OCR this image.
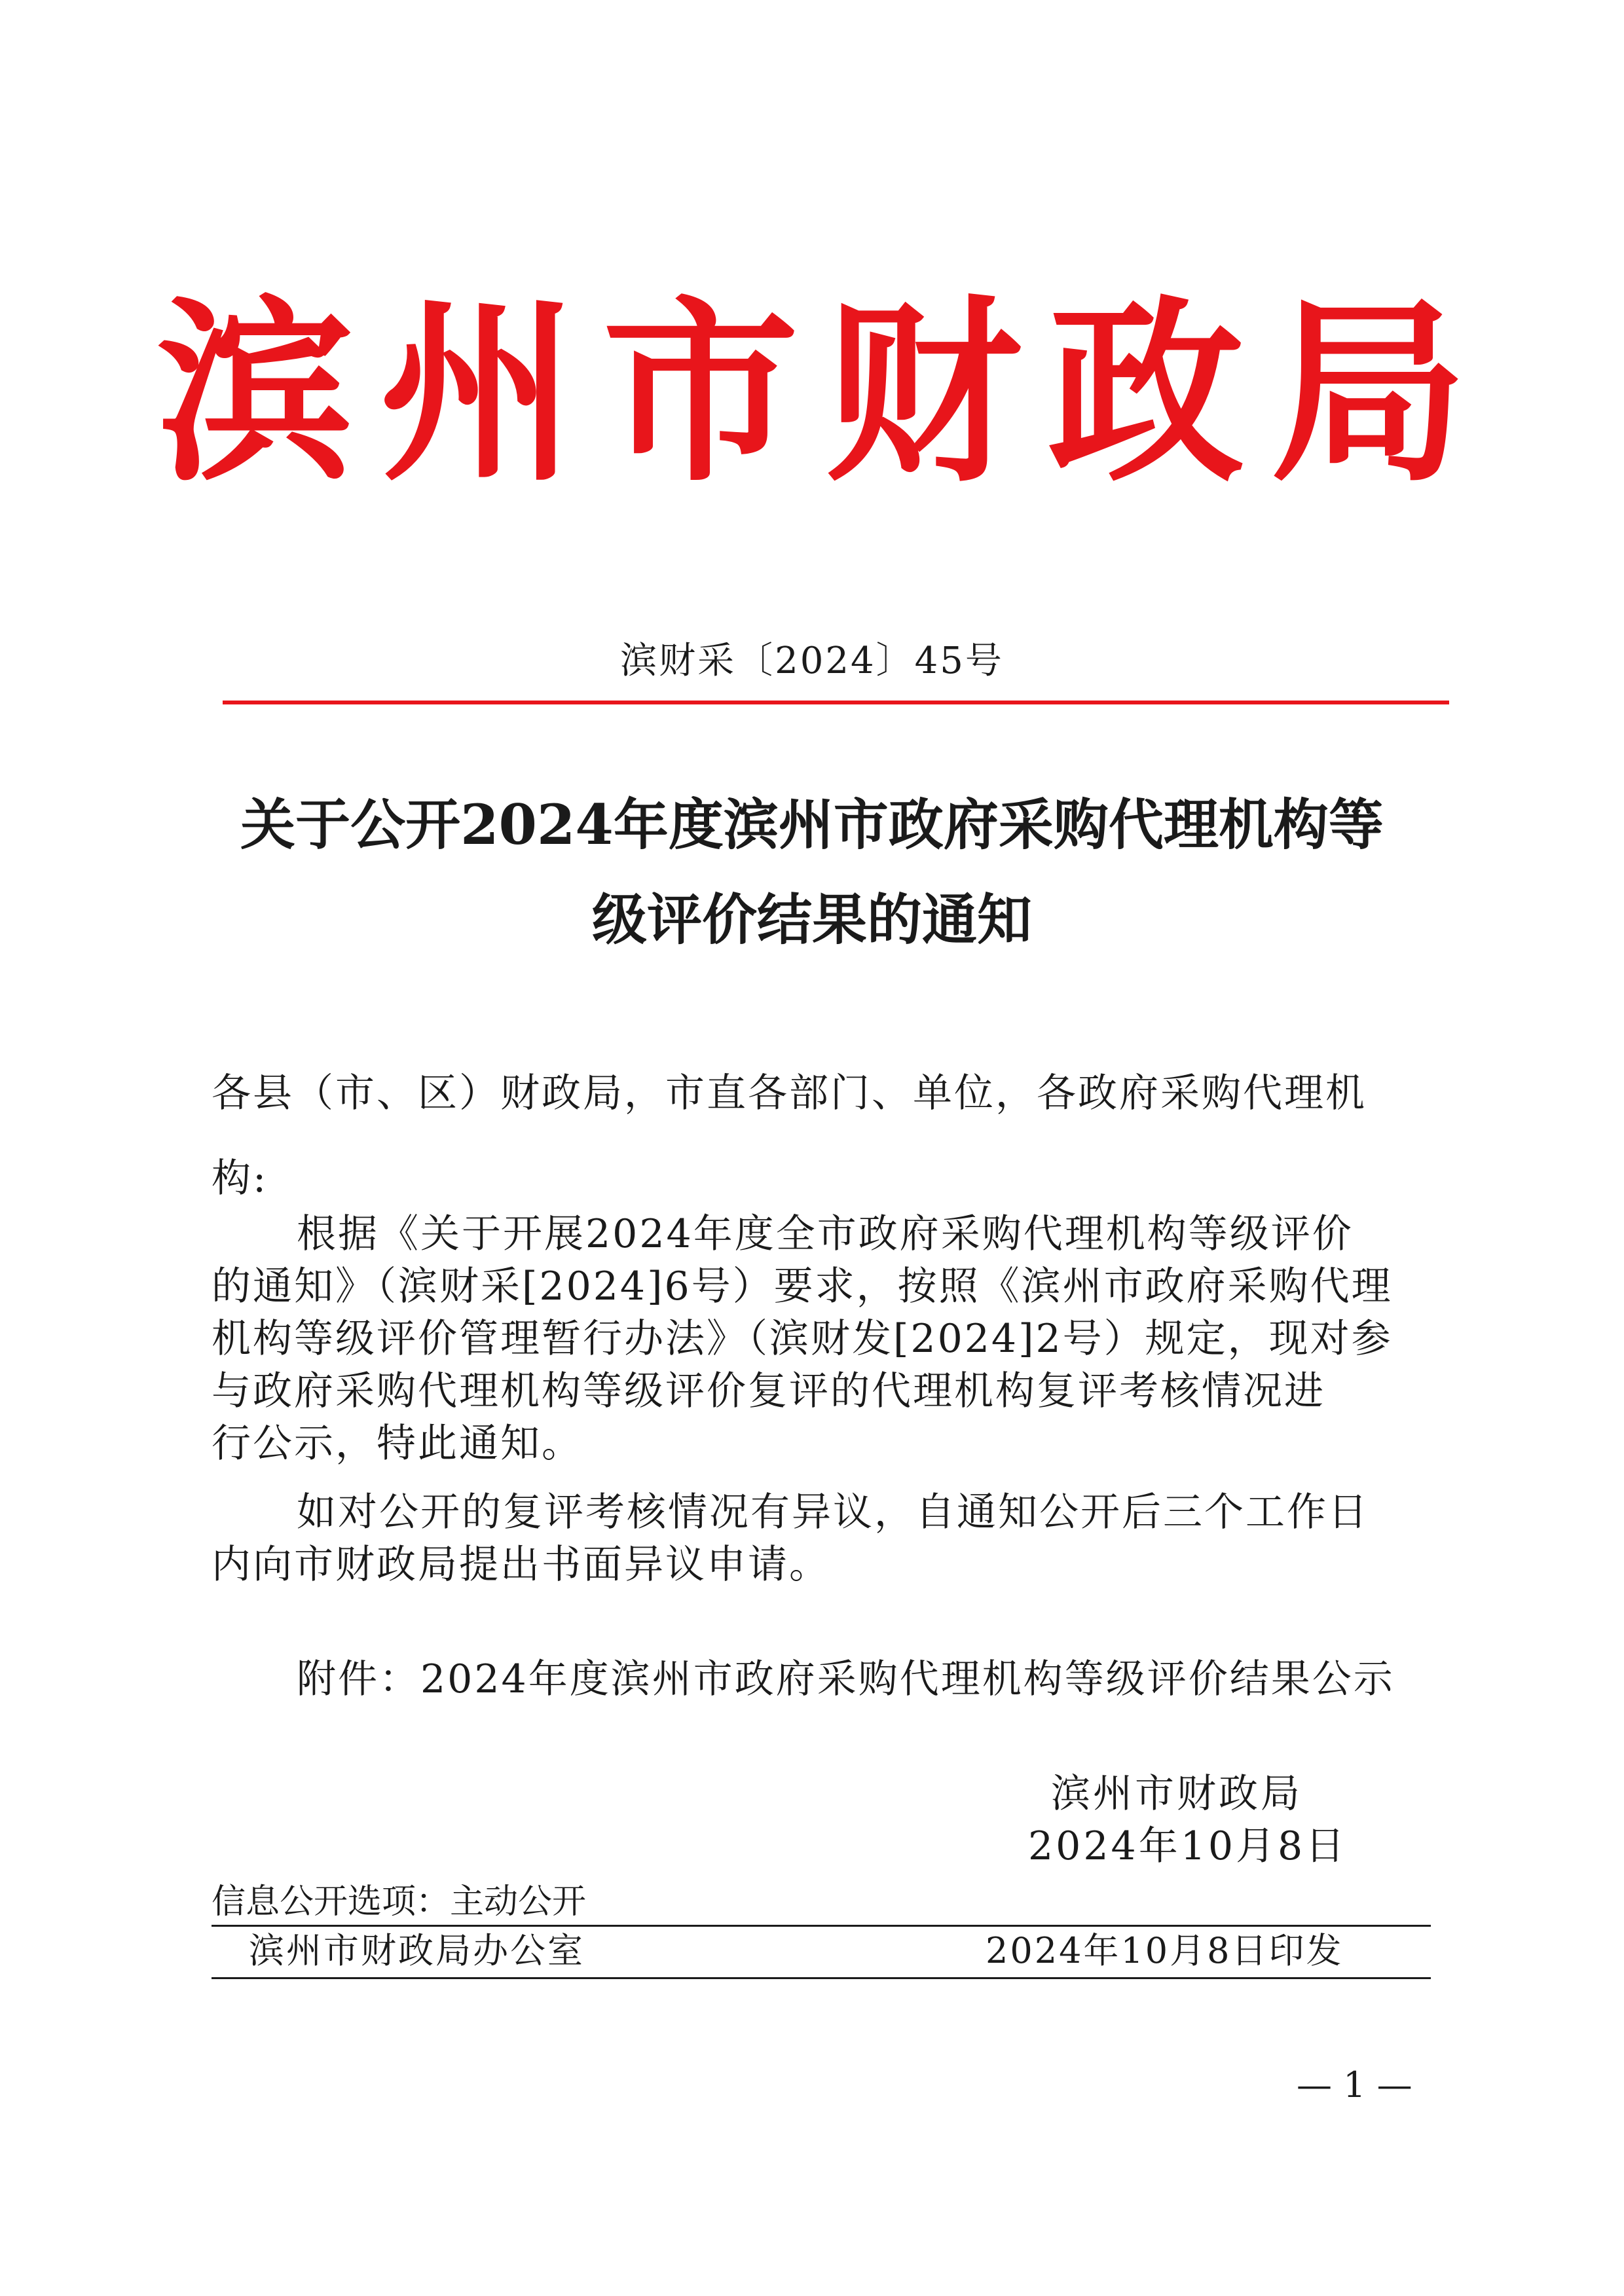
滨州市财政局
滨财采〔2024〕45号
关于公开2024年度滨州市政府采购代理机构等
级评价结果的通知
各县（市、区）财政局，市直各部门、单位，各政府采购代理机
构:
根据《关于开展2024年度全市政府采购代理机构等级评价
的通知》（滨财采[2024]6号）要求，按照《滨州市政府采购代理
机构等级评价管理暂行办法》（滨财发[2024]2号）规定，现对参
与政府采购代理机构等级评价复评的代理机构复评考核情况进
行公示，特此通知。
如对公开的复评考核情况有异议，自通知公开后三个工作日
内向市财政局提出书面异议申请。
附件：2024年度滨州市政府采购代理机构等级评价结果公示
滨州市财政局
2024年10月8日
信息公开选项：主动公开
滨州市财政局办公室	2024年10月8日印发
— 1 —
